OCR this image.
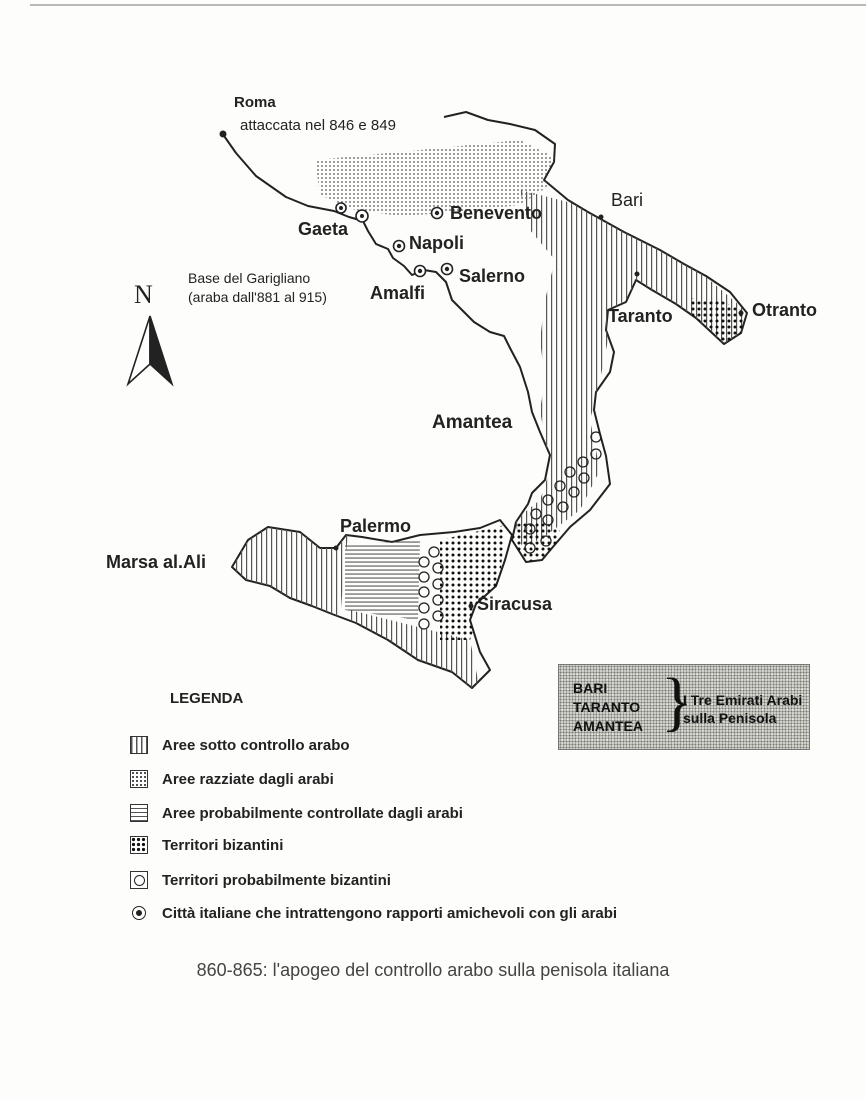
N
Roma
attaccata nel 846 e 849
Gaeta
Napoli
Benevento
Salerno
Amalfi
Base del Garigliano
(araba dall'881 al 915)
Bari
Taranto	Otranto
Amantea
Palermo
Marsa al.Ali
Siracusa
BARI
TARANTO
AMANTEA }
I Tre Emirati Arabi
sulla Penisola
LEGENDA
Aree sotto controllo arabo
Aree razziate dagli arabi
Aree probabilmente controllate dagli arabi
Territori bizantini
Territori probabilmente bizantini
Città italiane che intrattengono rapporti amichevoli con gli arabi
860-865: l'apogeo del controllo arabo sulla penisola italiana
